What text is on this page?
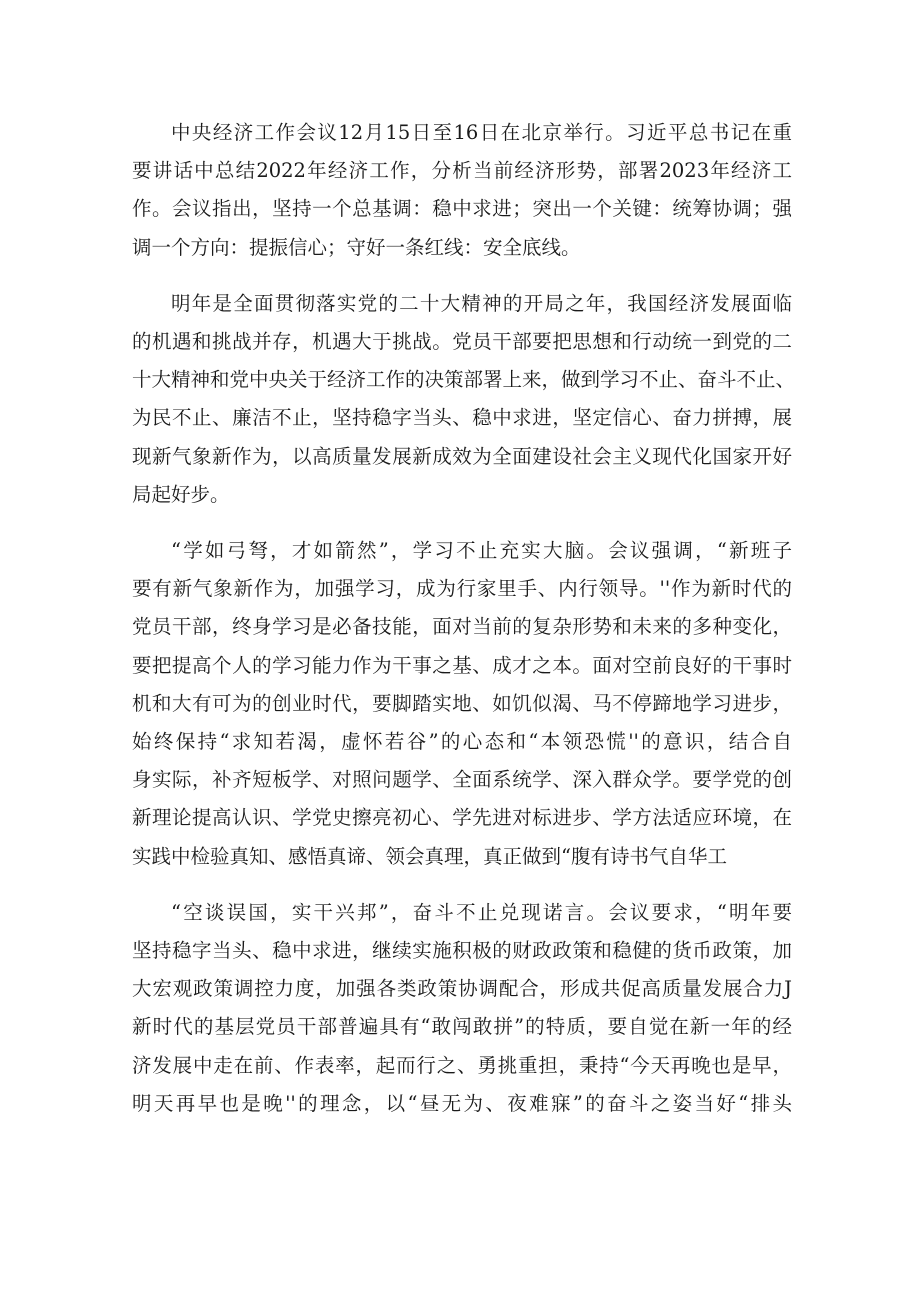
中央经济工作会议12月15日至16日在北京举行。习近平总书记在重
要讲话中总结2022年经济工作，分析当前经济形势，部署2023年经济工
作。会议指出，坚持一个总基调：稳中求进；突出一个关键：统筹协调；强
调一个方向：提振信心；守好一条红线：安全底线。

明年是全面贯彻落实党的二十大精神的开局之年，我国经济发展面临
的机遇和挑战并存，机遇大于挑战。党员干部要把思想和行动统一到党的二
十大精神和党中央关于经济工作的决策部署上来，做到学习不止、奋斗不止、
为民不止、廉洁不止，坚持稳字当头、稳中求进，坚定信心、奋力拼搏，展
现新气象新作为，以高质量发展新成效为全面建设社会主义现代化国家开好
局起好步。

“学如弓弩，才如箭然”，学习不止充实大脑。会议强调，“新班子
要有新气象新作为，加强学习，成为行家里手、内行领导。''作为新时代的
党员干部，终身学习是必备技能，面对当前的复杂形势和未来的多种变化，
要把提高个人的学习能力作为干事之基、成才之本。面对空前良好的干事时
机和大有可为的创业时代，要脚踏实地、如饥似渴、马不停蹄地学习进步，
始终保持“求知若渴，虚怀若谷”的心态和“本领恐慌''的意识，结合自
身实际，补齐短板学、对照问题学、全面系统学、深入群众学。要学党的创
新理论提高认识、学党史擦亮初心、学先进对标进步、学方法适应环境，在
实践中检验真知、感悟真谛、领会真理，真正做到“腹有诗书气自华工

“空谈误国，实干兴邦”，奋斗不止兑现诺言。会议要求，“明年要
坚持稳字当头、稳中求进，继续实施积极的财政政策和稳健的货币政策，加
大宏观政策调控力度，加强各类政策协调配合，形成共促高质量发展合力J
新时代的基层党员干部普遍具有“敢闯敢拼”的特质，要自觉在新一年的经
济发展中走在前、作表率，起而行之、勇挑重担，秉持“今天再晚也是早，
明天再早也是晚''的理念，以“昼无为、夜难寐”的奋斗之姿当好“排头
